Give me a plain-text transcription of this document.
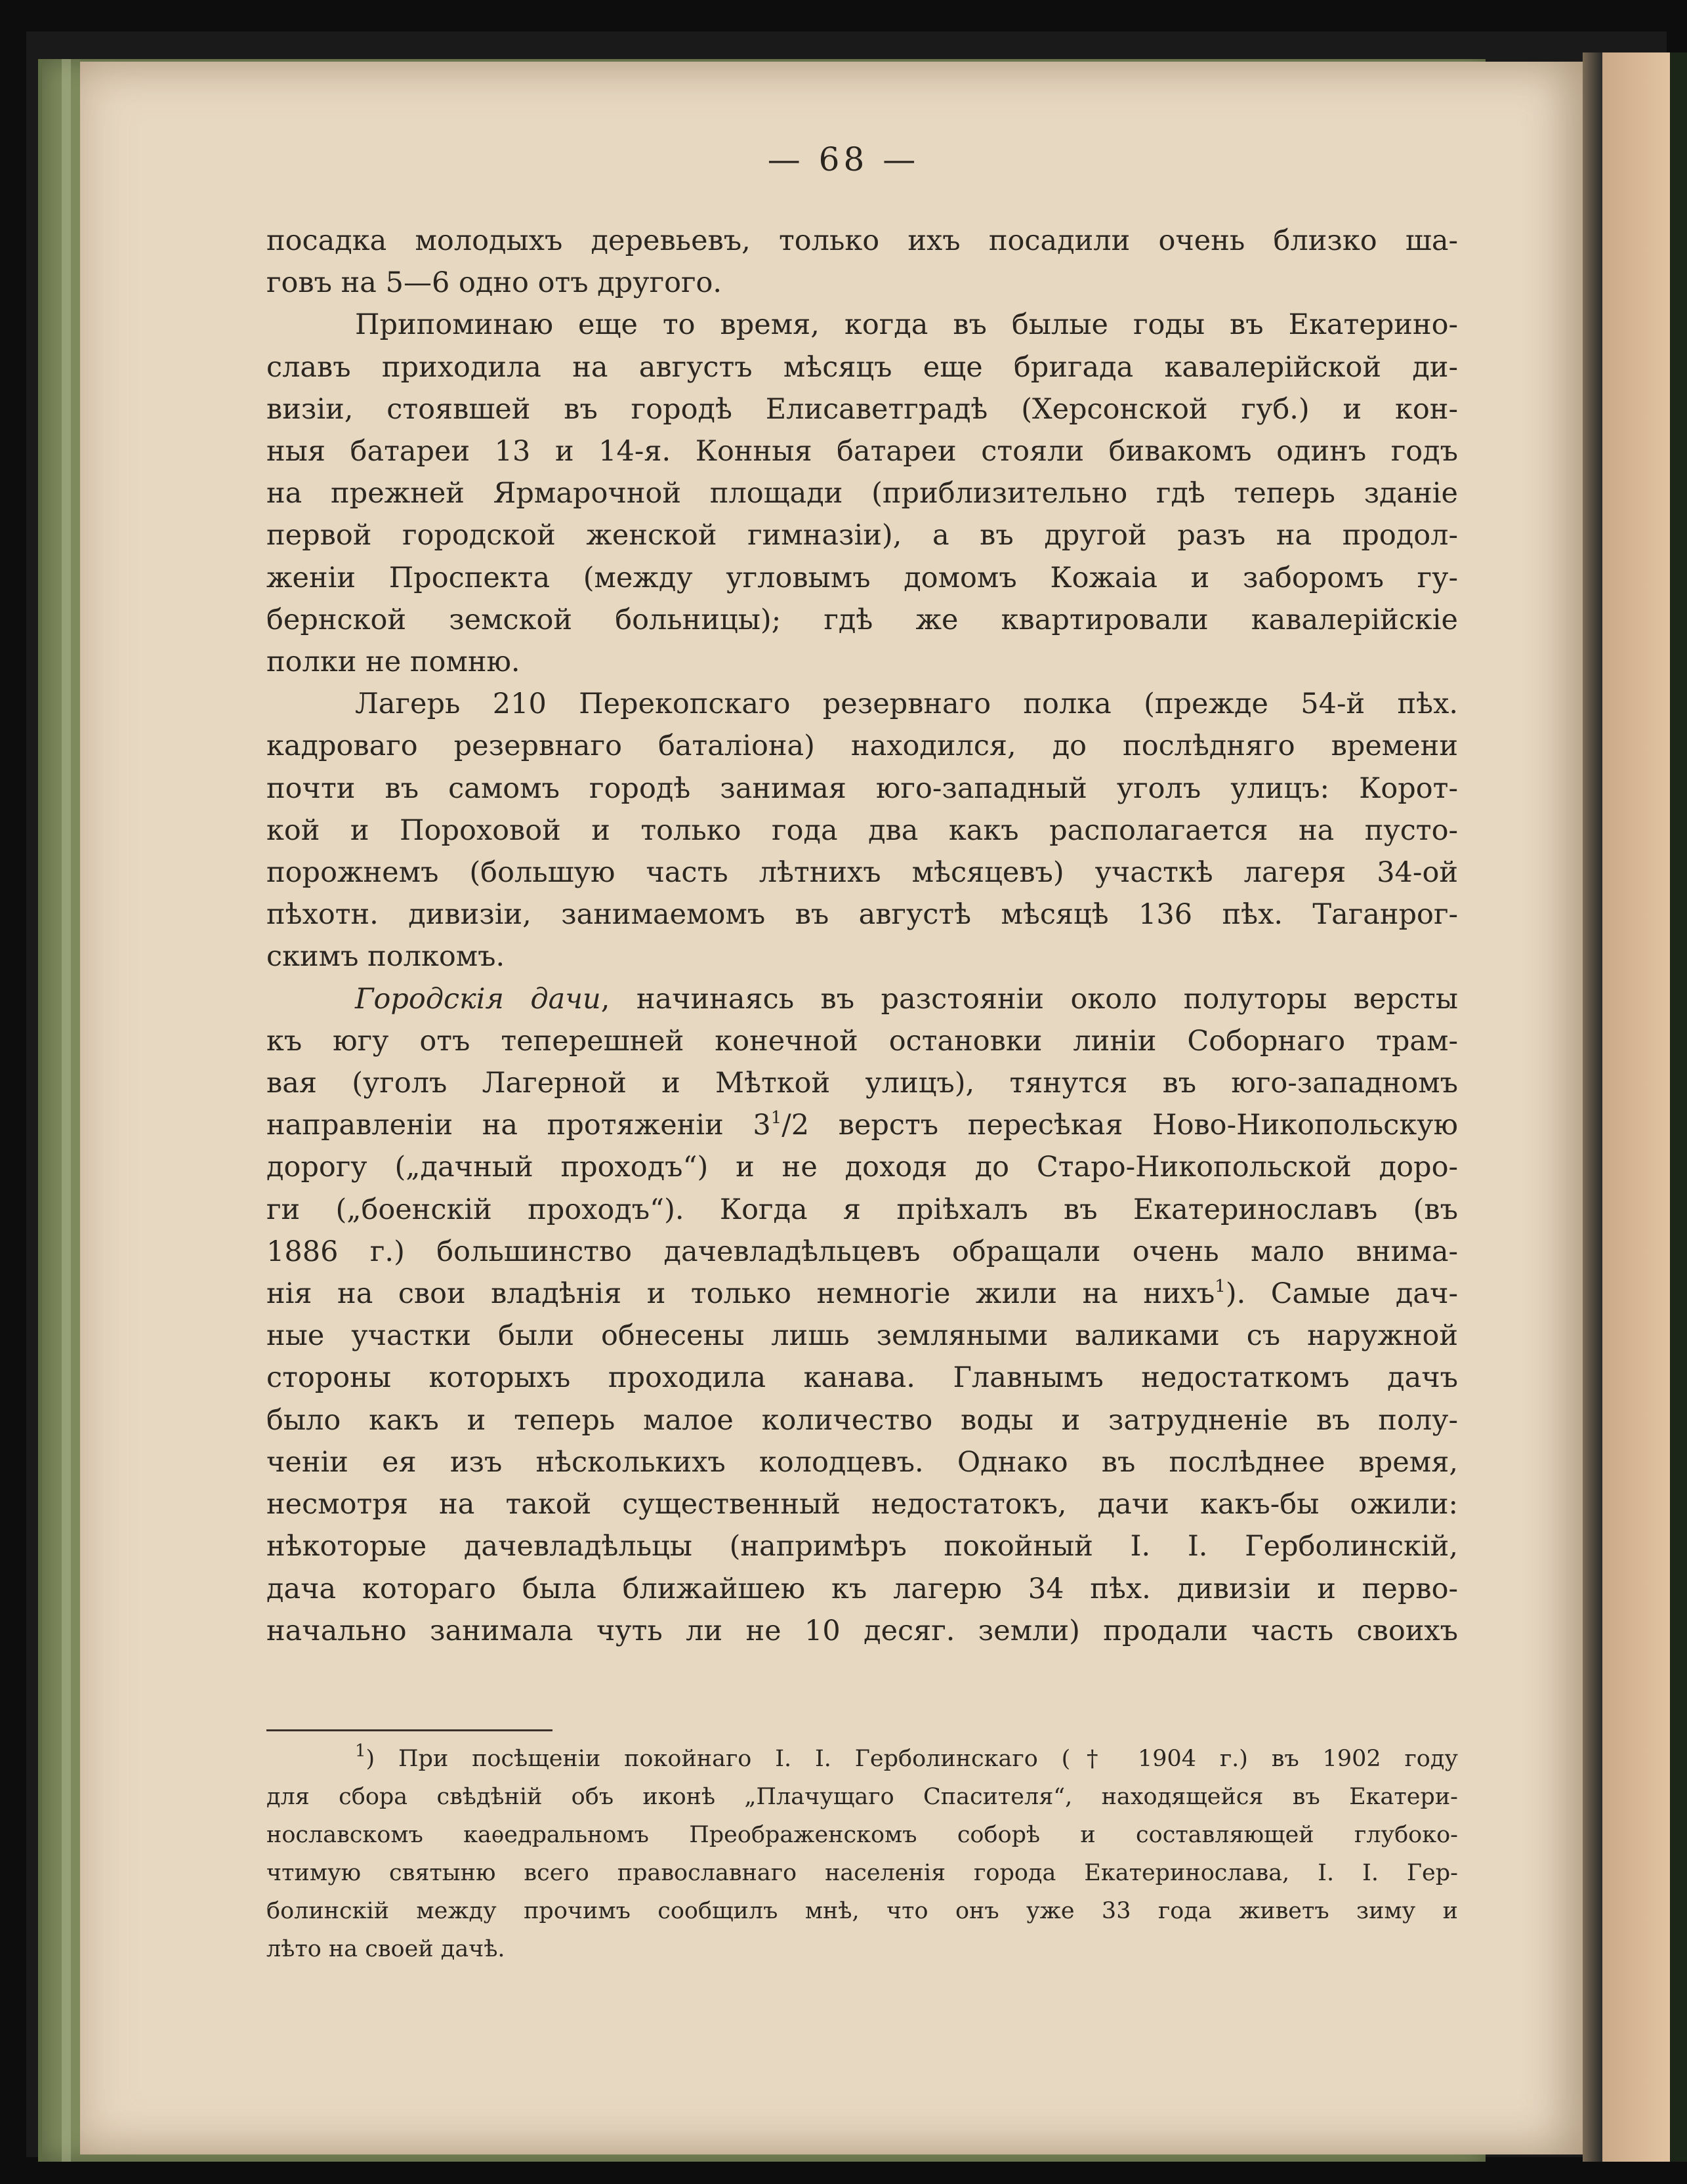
— 68 —

посадка молодыхъ деревьевъ, только ихъ посадили очень близко ша-

говъ на 5—6 одно отъ другого.

Припоминаю еще то время, когда въ былые годы въ Екатерино-

славъ приходила на августъ мѣсяцъ еще бригада кавалерійской ди-

визіи, стоявшей въ городѣ Елисаветградѣ (Херсонской губ.) и кон-

ныя батареи 13 и 14-я. Конныя батареи стояли бивакомъ одинъ годъ

на прежней Ярмарочной площади (приблизительно гдѣ теперь зданіе

первой городской женской гимназіи), а въ другой разъ на продол-

женіи Проспекта (между угловымъ домомъ Кожаіа и заборомъ гу-

бернской земской больницы); гдѣ же квартировали кавалерійскіе

полки не помню.

Лагерь 210 Перекопскаго резервнаго полка (прежде 54-й пѣх.

кадроваго резервнаго баталіона) находился, до послѣдняго времени

почти въ самомъ городѣ занимая юго-западный уголъ улицъ: Корот-

кой и Пороховой и только года два какъ располагается на пусто-

порожнемъ (большую часть лѣтнихъ мѣсяцевъ) участкѣ лагеря 34-ой

пѣхотн. дивизіи, занимаемомъ въ августѣ мѣсяцѣ 136 пѣх. Таганрог-

скимъ полкомъ.

Городскія дачи, начинаясь въ разстояніи около полуторы версты

къ югу отъ теперешней конечной остановки линіи Соборнаго трам-

вая (уголъ Лагерной и Мѣткой улицъ), тянутся въ юго-западномъ

направленіи на протяженіи $3^1/2$ верстъ пересѣкая Ново-Никопольскую

дорогу („дачный проходъ“) и не доходя до Старо-Никопольской доро-

ги („боенскій проходъ“). Когда я пріѣхалъ въ Екатеринославъ (въ

1886 г.) большинство дачевладѣльцевъ обращали очень мало внима-

нія на свои владѣнія и только немногіе жили на нихъ$^1$). Самые дач-

ные участки были обнесены лишь земляными валиками съ наружной

стороны которыхъ проходила канава. Главнымъ недостаткомъ дачъ

было какъ и теперь малое количество воды и затрудненіе въ полу-

ченіи ея изъ нѣсколькихъ колодцевъ. Однако въ послѣднее время,

несмотря на такой существенный недостатокъ, дачи какъ-бы ожили:

нѣкоторые дачевладѣльцы (напримѣръ покойный І. І. Герболинскій,

дача котораго была ближайшею къ лагерю 34 пѣх. дивизіи и перво-

начально занимала чуть ли не 10 десяг. земли) продали часть своихъ

$^1$) При посѣщеніи покойнаго І. І. Герболинскаго († 1904 г.) въ 1902 году

для сбора свѣдѣній объ иконѣ „Плачущаго Спасителя“, находящейся въ Екатери-

нославскомъ каѳедральномъ Преображенскомъ соборѣ и составляющей глубоко-

чтимую святыню всего православнаго населенія города Екатеринослава, І. І. Гер-

болинскій между прочимъ сообщилъ мнѣ, что онъ уже 33 года живетъ зиму и

лѣто на своей дачѣ.
